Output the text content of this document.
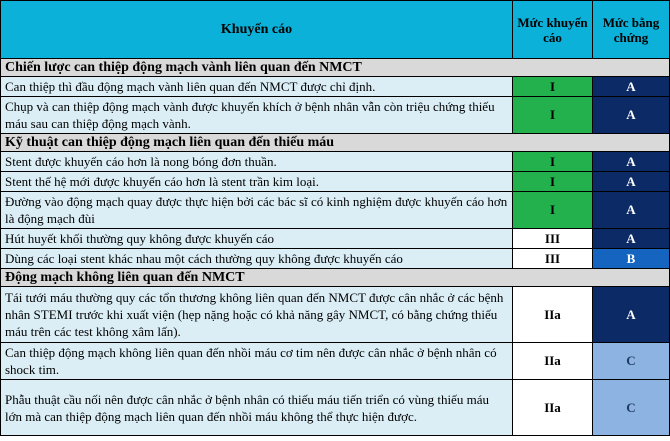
Khuyến cáo	Mức khuyến cáo	Mức bằng chứng
Chiến lược can thiệp động mạch vành liên quan đến NMCT		
Can thiệp thì đầu động mạch vành liên quan đến NMCT được chỉ định.	I	A
Chụp và can thiệp động mạch vành được khuyến khích ở bệnh nhân vẫn còn triệu chứng thiếu máu sau can thiệp động mạch vành.	I	A
Kỹ thuật can thiệp động mạch liên quan đến thiếu máu		
Stent được khuyến cáo hơn là nong bóng đơn thuần.	I	A
Stent thế hệ mới được khuyến cáo hơn là stent trần kim loại.	I	A
Đường vào động mạch quay được thực hiện bởi các bác sĩ có kinh nghiệm được khuyến cáo hơn là động mạch đùi	I	A
Hút huyết khối thường quy không được khuyến cáo	III	A
Dùng các loại stent khác nhau một cách thường quy không được khuyến cáo	III	B
Động mạch không liên quan đến NMCT		
Tái tưới máu thường quy các tổn thương không liên quan đến NMCT được cân nhắc ở các bệnh nhân STEMI trước khi xuất viện (hẹp nặng hoặc có khả năng gây NMCT, có bằng chứng thiếu máu trên các test không xâm lấn).	IIa	A
Can thiệp động mạch không liên quan đến nhồi máu cơ tim nên được cân nhắc ở bệnh nhân có shock tim.	IIa	C
Phẫu thuật cầu nối nên được cân nhắc ở bệnh nhân có thiếu máu tiến triển có vùng thiếu máu lớn mà can thiệp động mạch liên quan đến nhồi máu không thể thực hiện được.	IIa	C
